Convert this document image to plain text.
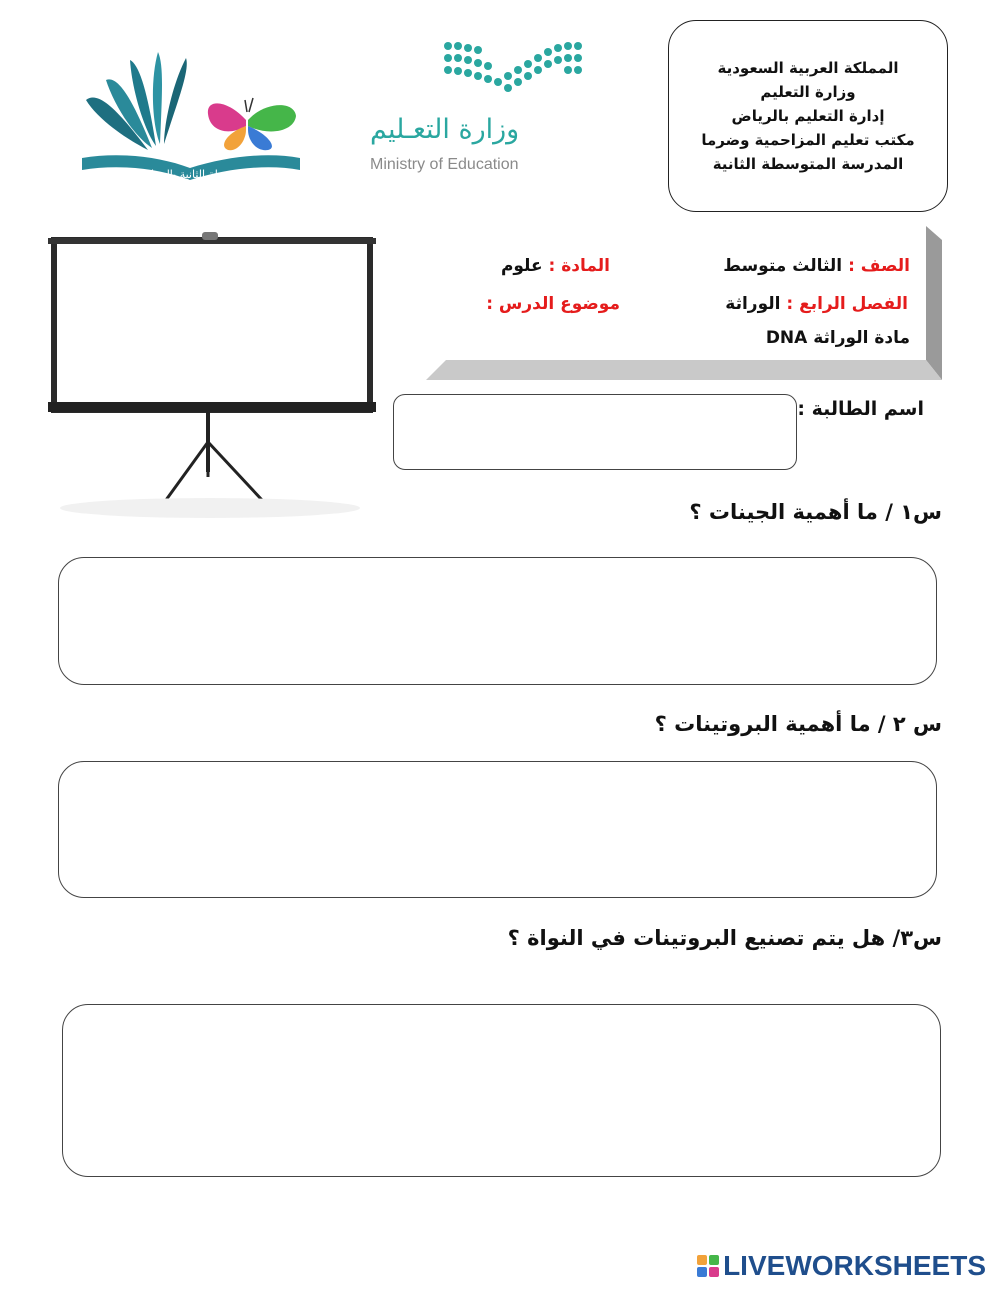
المملكة العربية السعودية
وزارة التعليم
إدارة التعليم بالرياض
مكتب تعليم المزاحمية وضرما
المدرسة المتوسطة الثانية
لمتوسطة الثانية بالمزاحمية
وزارة التعـليم
Ministry of Education
الصف : الثالث متوسط
المادة : علوم
الفصل الرابع : الوراثة
موضوع الدرس :
مادة الوراثة DNA
اسم الطالبة :
س١ / ما أهمية الجينات ؟
س ٢ / ما أهمية البروتينات ؟
س٣/ هل يتم تصنيع البروتينات في النواة ؟
LIVEWORKSHEETS
